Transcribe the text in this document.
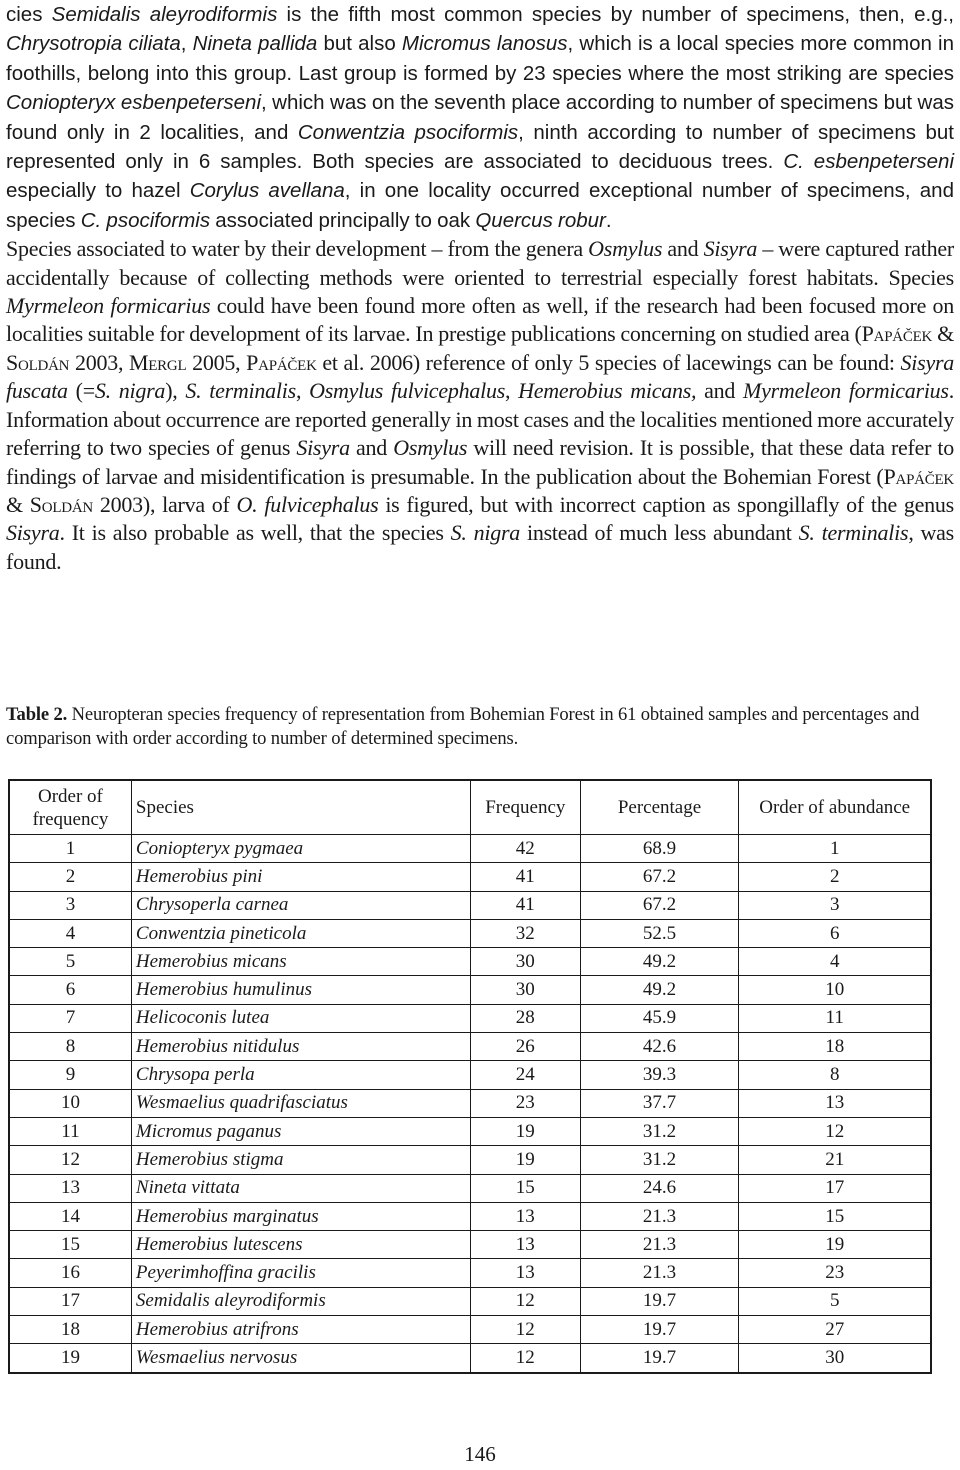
cies Semidalis aleyrodiformis is the fifth most common species by number of specimens, then, e.g., Chrysotropia ciliata, Nineta pallida but also Micromus lanosus, which is a local species more common in foothills, belong into this group. Last group is formed by 23 species where the most striking are species Coniopteryx esbenpeterseni, which was on the seventh place according to number of specimens but was found only in 2 localities, and Conwentzia psociformis, ninth according to number of specimens but represented only in 6 samples. Both species are associated to deciduous trees. C. esbenpeterseni especially to hazel Corylus avellana, in one locality occurred exceptional number of specimens, and species C. psociformis associated principally to oak Quercus robur.

Species associated to water by their development – from the genera Osmylus and Sisyra – were captured rather accidentally because of collecting methods were oriented to terrestrial especially forest habitats. Species Myrmeleon formicarius could have been found more often as well, if the research had been focused more on localities suitable for development of its larvae. In prestige publications concerning on studied area (Papáček & Soldán 2003, Mergl 2005, Papáček et al. 2006) reference of only 5 species of lacewings can be found: Sisyra fuscata (=S. nigra), S. terminalis, Osmylus fulvicephalus, Hemerobius micans, and Myrmeleon formicarius. Information about occurrence are reported generally in most cases and the localities mentioned more accurately referring to two species of genus Sisyra and Osmylus will need revision. It is possible, that these data refer to findings of larvae and misidentification is presumable. In the publication about the Bohemian Forest (Papáček & Soldán 2003), larva of O. fulvicephalus is figured, but with incorrect caption as spongillafly of the genus Sisyra. It is also probable as well, that the species S. nigra instead of much less abundant S. terminalis, was found.

Table 2. Neuropteran species frequency of representation from Bohemian Forest in 61 obtained samples and percentages and comparison with order according to number of determined specimens.
Order of
frequency	Species	Frequency	Percentage	Order of abundance
1	Coniopteryx pygmaea	42	68.9	1
2	Hemerobius pini	41	67.2	2
3	Chrysoperla carnea	41	67.2	3
4	Conwentzia pineticola	32	52.5	6
5	Hemerobius micans	30	49.2	4
6	Hemerobius humulinus	30	49.2	10
7	Helicoconis lutea	28	45.9	11
8	Hemerobius nitidulus	26	42.6	18
9	Chrysopa perla	24	39.3	8
10	Wesmaelius quadrifasciatus	23	37.7	13
11	Micromus paganus	19	31.2	12
12	Hemerobius stigma	19	31.2	21
13	Nineta vittata	15	24.6	17
14	Hemerobius marginatus	13	21.3	15
15	Hemerobius lutescens	13	21.3	19
16	Peyerimhoffina gracilis	13	21.3	23
17	Semidalis aleyrodiformis	12	19.7	5
18	Hemerobius atrifrons	12	19.7	27
19	Wesmaelius nervosus	12	19.7	30
146
